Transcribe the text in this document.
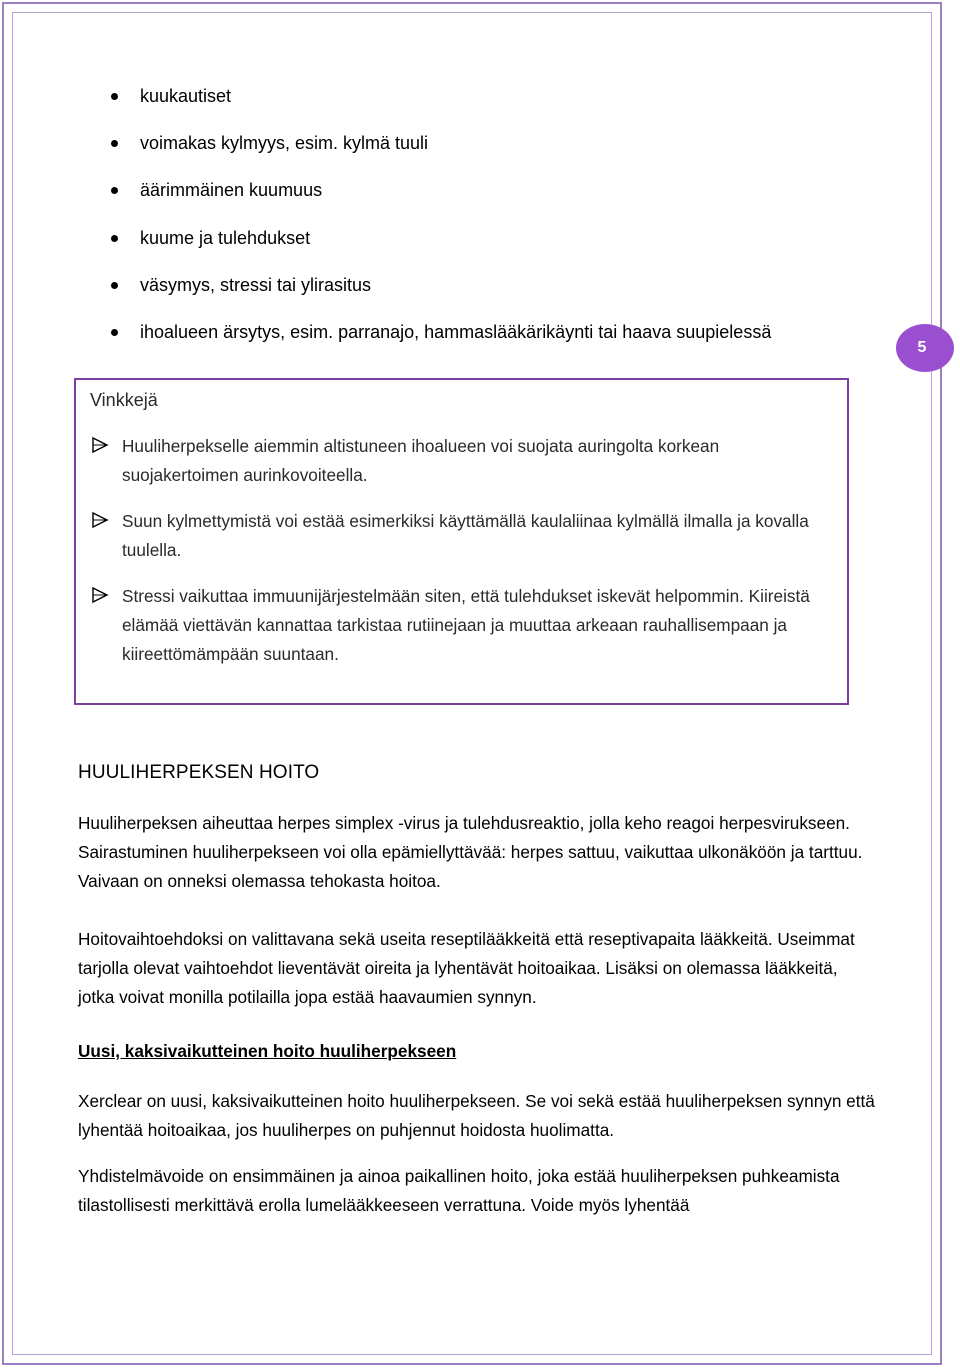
kuukautiset
voimakas kylmyys, esim. kylmä tuuli
äärimmäinen kuumuus
kuume ja tulehdukset
väsymys, stressi tai ylirasitus
ihoalueen ärsytys, esim. parranajo, hammaslääkärikäynti tai haava suupielessä
5
Vinkkejä
Huuliherpekselle aiemmin altistuneen ihoalueen voi suojata auringolta korkean suojakertoimen aurinkovoiteella.
Suun kylmettymistä voi estää esimerkiksi käyttämällä kaulaliinaa kylmällä ilmalla ja kovalla tuulella.
Stressi vaikuttaa immuunijärjestelmään siten, että tulehdukset iskevät helpommin. Kiireistä elämää viettävän kannattaa tarkistaa rutiinejaan ja muuttaa arkeaan rauhallisempaan ja kiireettömämpään suuntaan.
HUULIHERPEKSEN HOITO

Huuliherpeksen aiheuttaa herpes simplex -virus ja tulehdusreaktio, jolla keho reagoi herpesvirukseen. Sairastuminen huuliherpekseen voi olla epämiellyttävää: herpes sattuu, vaikuttaa ulkonäköön ja tarttuu. Vaivaan on onneksi olemassa tehokasta hoitoa.

Hoitovaihtoehdoksi on valittavana sekä useita reseptilääkkeitä että reseptivapaita lääkkeitä. Useimmat tarjolla olevat vaihtoehdot lieventävät oireita ja lyhentävät hoitoaikaa. Lisäksi on olemassa lääkkeitä, jotka voivat monilla potilailla jopa estää haavaumien synnyn.

Uusi, kaksivaikutteinen hoito huuliherpekseen

Xerclear on uusi, kaksivaikutteinen hoito huuliherpekseen. Se voi sekä estää huuliherpeksen synnyn että lyhentää hoitoaikaa, jos huuliherpes on puhjennut hoidosta huolimatta.

Yhdistelmävoide on ensimmäinen ja ainoa paikallinen hoito, joka estää huuliherpeksen puhkeamista tilastollisesti merkittävä erolla lumelääkkeeseen verrattuna. Voide myös lyhentää
